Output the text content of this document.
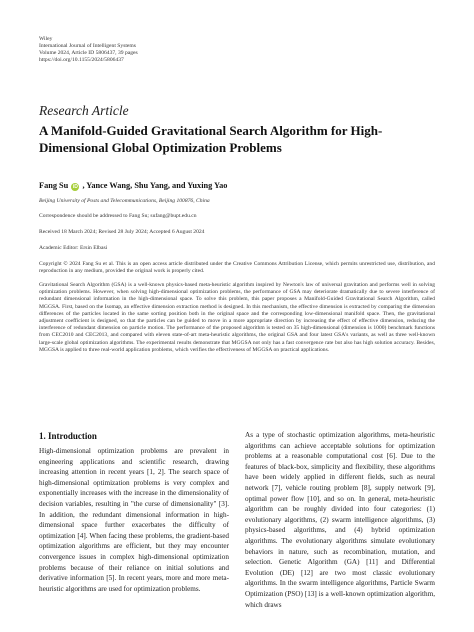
Wiley
International Journal of Intelligent Systems
Volume 2024, Article ID 5806437, 39 pages
https://doi.org/10.1155/2024/5806437
Research Article
A Manifold-Guided Gravitational Search Algorithm for High-Dimensional Global Optimization Problems
Fang Su iD , Yance Wang, Shu Yang, and Yuxing Yao
Beijing University of Posts and Telecommunications, Beijing 100876, China
Correspondence should be addressed to Fang Su; sufang@bupt.edu.cn
Received 18 March 2024; Revised 28 July 2024; Accepted 6 August 2024
Academic Editor: Ersin Elbasi
Copyright © 2024 Fang Su et al. This is an open access article distributed under the Creative Commons Attribution License, which permits unrestricted use, distribution, and reproduction in any medium, provided the original work is properly cited.
Gravitational Search Algorithm (GSA) is a well-known physics-based meta-heuristic algorithm inspired by Newton's law of universal gravitation and performs well in solving optimization problems. However, when solving high-dimensional optimization problems, the performance of GSA may deteriorate dramatically due to severe interference of redundant dimensional information in the high-dimensional space. To solve this problem, this paper proposes a Manifold-Guided Gravitational Search Algorithm, called MGGSA. First, based on the Isomap, an effective dimension extraction method is designed. In this mechanism, the effective dimension is extracted by comparing the dimension differences of the particles located in the same sorting position both in the original space and the corresponding low-dimensional manifold space. Then, the gravitational adjustment coefficient is designed, so that the particles can be guided to move in a more appropriate direction by increasing the effect of effective dimension, reducing the interference of redundant dimension on particle motion. The performance of the proposed algorithm is tested on 35 high-dimensional (dimension is 1000) benchmark functions from CEC2010 and CEC2013, and compared with eleven state-of-art meta-heuristic algorithms, the original GSA and four latest GSA's variants, as well as three well-known large-scale global optimization algorithms. The experimental results demonstrate that MGGSA not only has a fast convergence rate but also has high solution accuracy. Besides, MGGSA is applied to three real-world application problems, which verifies the effectiveness of MGGSA on practical applications.
1. Introduction

High-dimensional optimization problems are prevalent in engineering applications and scientific research, drawing increasing attention in recent years [1, 2]. The search space of high-dimensional optimization problems is very complex and exponentially increases with the increase in the dimensionality of decision variables, resulting in "the curse of dimensionality" [3]. In addition, the redundant dimensional information in high-dimensional space further exacerbates the difficulty of optimization [4]. When facing these problems, the gradient-based optimization algorithms are efficient, but they may encounter convergence issues in complex high-dimensional optimization problems because of their reliance on initial solutions and derivative information [5]. In recent years, more and more meta-heuristic algorithms are used for optimization problems.

As a type of stochastic optimization algorithms, meta-heuristic algorithms can achieve acceptable solutions for optimization problems at a reasonable computational cost [6]. Due to the features of black-box, simplicity and flexibility, these algorithms have been widely applied in different fields, such as neural network [7], vehicle routing problem [8], supply network [9], optimal power flow [10], and so on. In general, meta-heuristic algorithm can be roughly divided into four categories: (1) evolutionary algorithms, (2) swarm intelligence algorithms, (3) physics-based algorithms, and (4) hybrid optimization algorithms. The evolutionary algorithms simulate evolutionary behaviors in nature, such as recombination, mutation, and selection. Genetic Algorithm (GA) [11] and Differential Evolution (DE) [12] are two most classic evolutionary algorithms. In the swarm intelligence algorithms, Particle Swarm Optimization (PSO) [13] is a well-known optimization algorithm, which draws
